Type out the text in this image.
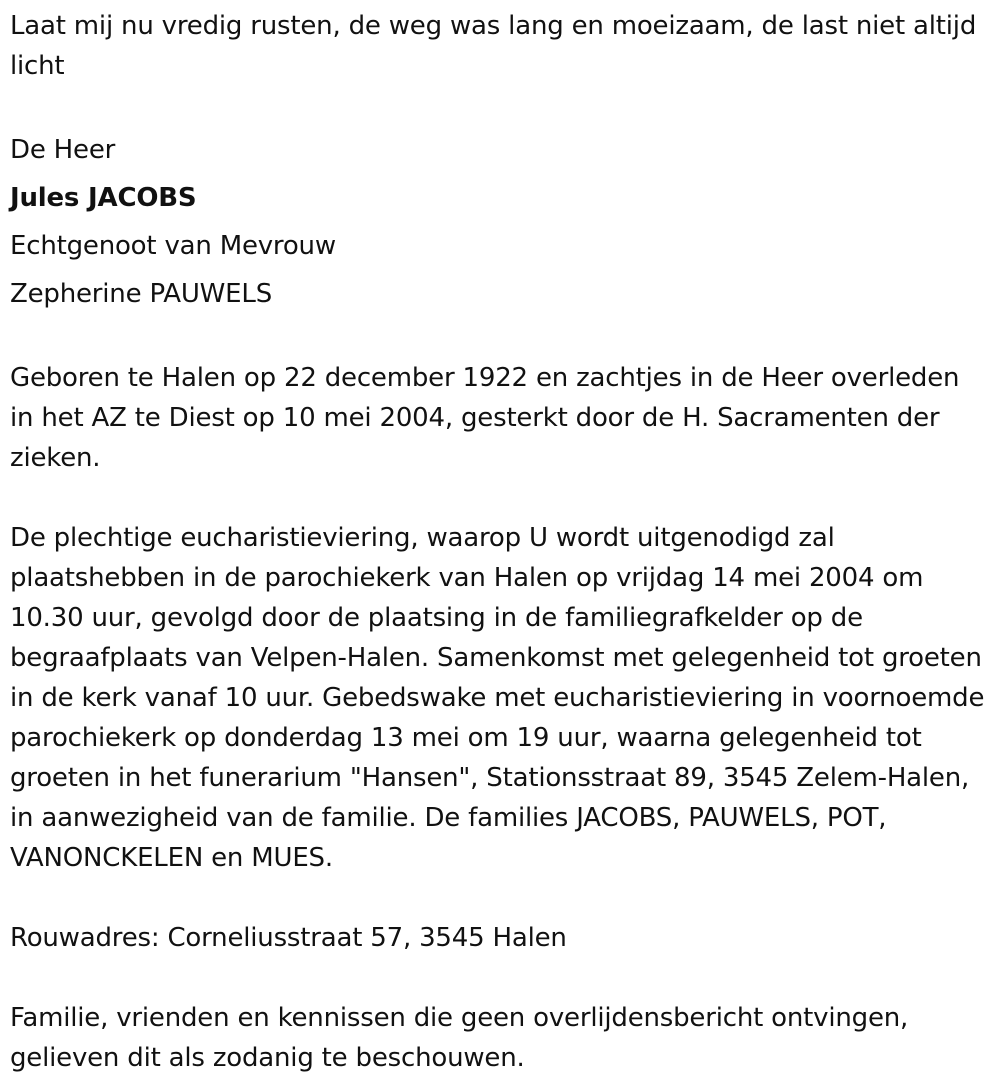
Laat mij nu vredig rusten, de weg was lang en moeizaam, de last niet altijd licht

De Heer
Jules JACOBS
Echtgenoot van Mevrouw
Zepherine PAUWELS

Geboren te Halen op 22 december 1922 en zachtjes in de Heer overleden in het AZ te Diest op 10 mei 2004, gesterkt door de H. Sacramenten der zieken.

De plechtige eucharistieviering, waarop U wordt uitgenodigd zal plaatshebben in de parochiekerk van Halen op vrijdag 14 mei 2004 om 10.30 uur, gevolgd door de plaatsing in de familiegrafkelder op de begraafplaats van Velpen-Halen. Samenkomst met gelegenheid tot groeten in de kerk vanaf 10 uur. Gebedswake met eucharistieviering in voornoemde parochiekerk op donderdag 13 mei om 19 uur, waarna gelegenheid tot groeten in het funerarium "Hansen", Stationsstraat 89, 3545 Zelem-Halen, in aanwezigheid van de familie. De families JACOBS, PAUWELS, POT, VANONCKELEN en MUES.

Rouwadres: Corneliusstraat 57, 3545 Halen

Familie, vrienden en kennissen die geen overlijdensbericht ontvingen, gelieven dit als zodanig te beschouwen.
